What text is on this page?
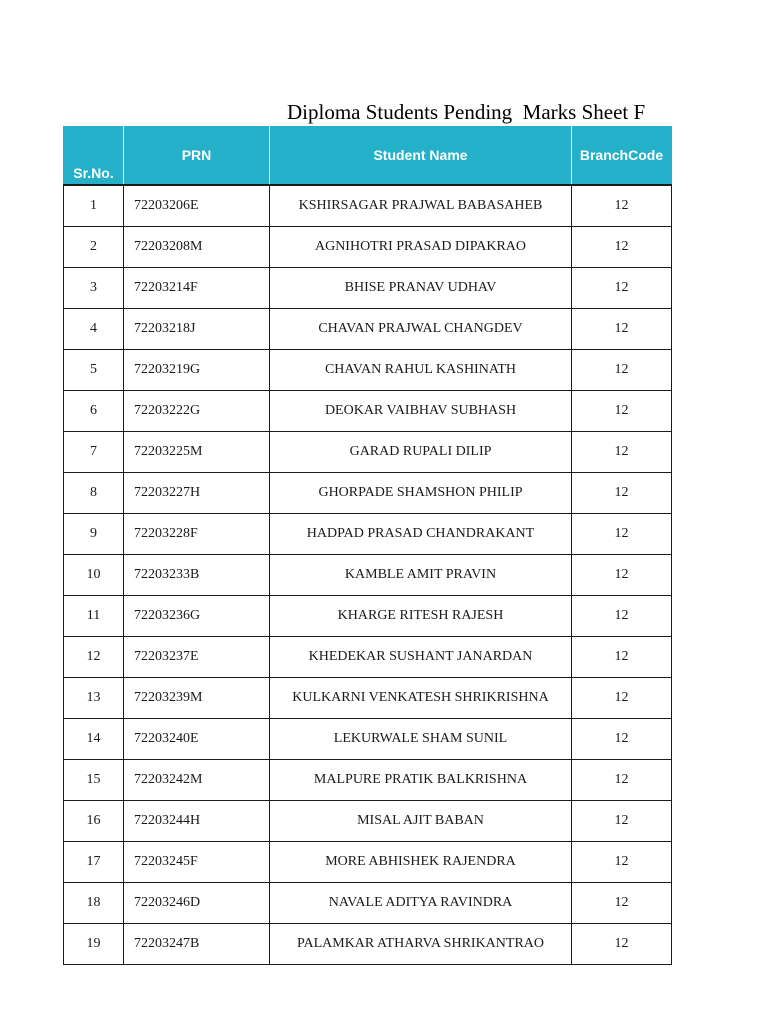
Diploma Students Pending  Marks Sheet F
Sr.No.	PRN	Student Name	BranchCode
1	72203206E	KSHIRSAGAR PRAJWAL BABASAHEB	12
2	72203208M	AGNIHOTRI PRASAD DIPAKRAO	12
3	72203214F	BHISE PRANAV UDHAV	12
4	72203218J	CHAVAN PRAJWAL CHANGDEV	12
5	72203219G	CHAVAN RAHUL KASHINATH	12
6	72203222G	DEOKAR VAIBHAV SUBHASH	12
7	72203225M	GARAD RUPALI DILIP	12
8	72203227H	GHORPADE SHAMSHON PHILIP	12
9	72203228F	HADPAD PRASAD CHANDRAKANT	12
10	72203233B	KAMBLE AMIT PRAVIN	12
11	72203236G	KHARGE RITESH RAJESH	12
12	72203237E	KHEDEKAR SUSHANT JANARDAN	12
13	72203239M	KULKARNI VENKATESH SHRIKRISHNA	12
14	72203240E	LEKURWALE SHAM SUNIL	12
15	72203242M	MALPURE PRATIK BALKRISHNA	12
16	72203244H	MISAL AJIT BABAN	12
17	72203245F	MORE ABHISHEK RAJENDRA	12
18	72203246D	NAVALE ADITYA RAVINDRA	12
19	72203247B	PALAMKAR ATHARVA SHRIKANTRAO	12
